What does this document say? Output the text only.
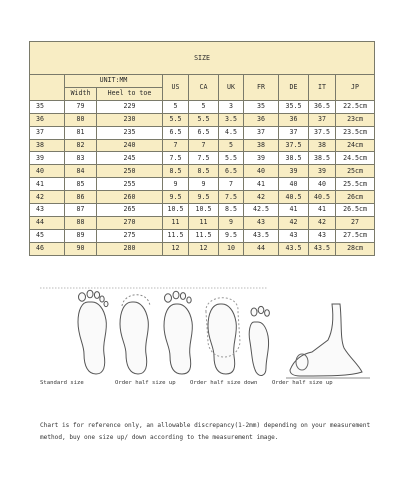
SIZE									
	UNIT:MM		US	CA	UK	FR	DE	IT	JP
	Width	Heel to toe							
35	79	229	5	5	3	35	35.5	36.5	22.5cm
36	80	230	5.5	5.5	3.5	36	36	37	23cm
37	81	235	6.5	6.5	4.5	37	37	37.5	23.5cm
38	82	240	7	7	5	38	37.5	38	24cm
39	83	245	7.5	7.5	5.5	39	38.5	38.5	24.5cm
40	84	250	8.5	8.5	6.5	40	39	39	25cm
41	85	255	9	9	7	41	40	40	25.5cm
42	86	260	9.5	9.5	7.5	42	40.5	40.5	26cm
43	87	265	10.5	10.5	8.5	42.5	41	41	26.5cm
44	88	270	11	11	9	43	42	42	27
45	89	275	11.5	11.5	9.5	43.5	43	43	27.5cm
46	90	280	12	12	10	44	43.5	43.5	28cm
Standard size	Order half size up	Order half size down	Order half size up
Chart is for reference only, an allowable discrepancy(1-2mm) depending on your measurement
method, buy one size up/ down according to the measurement image.
